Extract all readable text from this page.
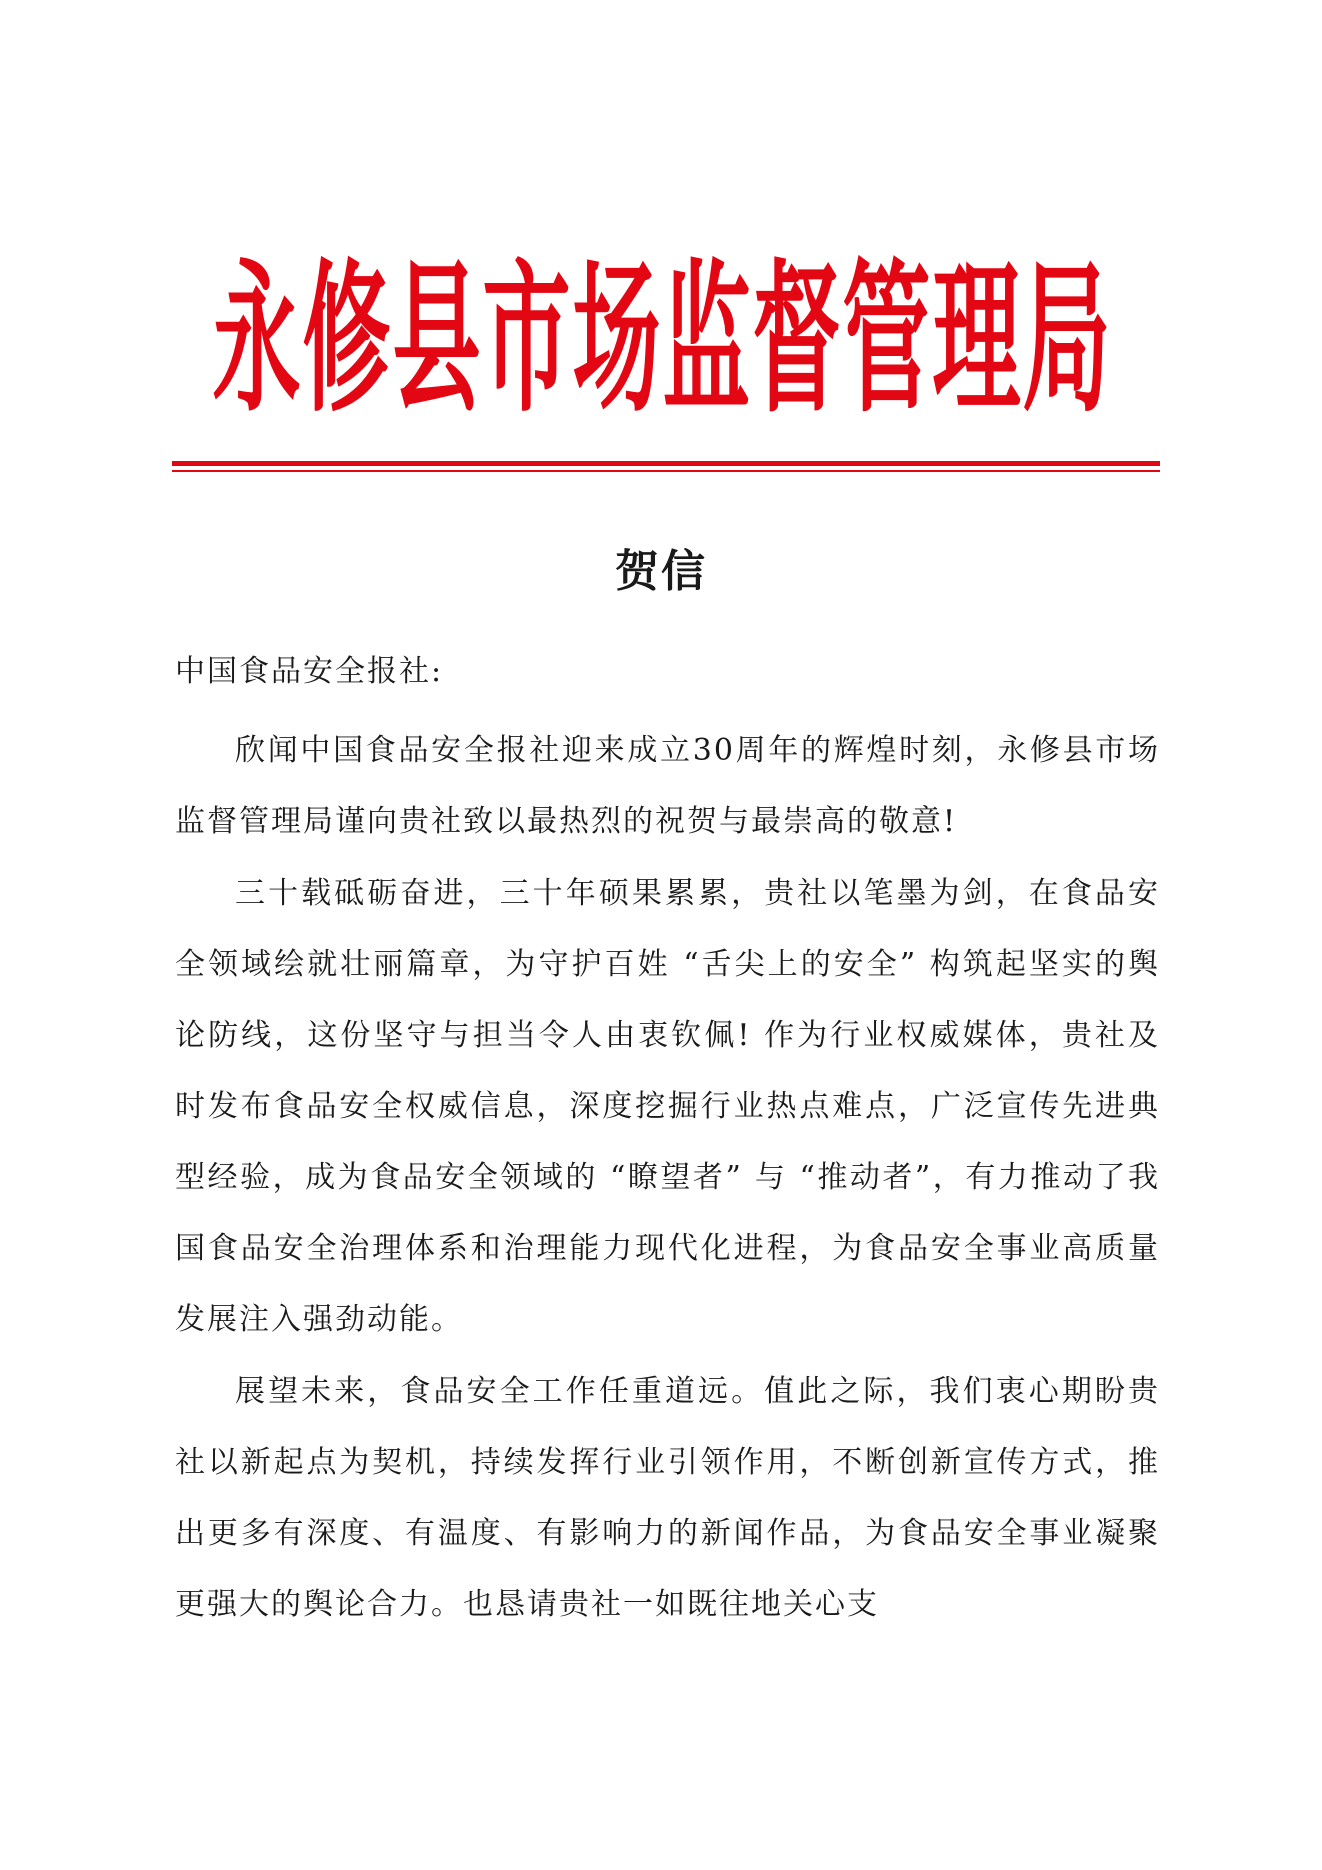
永修县市场监督管理局
贺信
中国食品安全报社:

欣闻中国食品安全报社迎来成立30周年的辉煌时刻，永修县市场监督管理局谨向贵社致以最热烈的祝贺与最崇高的敬意!

三十载砥砺奋进，三十年硕果累累，贵社以笔墨为剑，在食品安全领域绘就壮丽篇章，为守护百姓 “舌尖上的安全” 构筑起坚实的舆论防线，这份坚守与担当令人由衷钦佩! 作为行业权威媒体，贵社及时发布食品安全权威信息，深度挖掘行业热点难点，广泛宣传先进典型经验，成为食品安全领域的 “瞭望者” 与 “推动者”，有力推动了我国食品安全治理体系和治理能力现代化进程，为食品安全事业高质量发展注入强劲动能。

展望未来，食品安全工作任重道远。值此之际，我们衷心期盼贵社以新起点为契机，持续发挥行业引领作用，不断创新宣传方式，推出更多有深度、有温度、有影响力的新闻作品，为食品安全事业凝聚更强大的舆论合力。也恳请贵社一如既往地关心支
